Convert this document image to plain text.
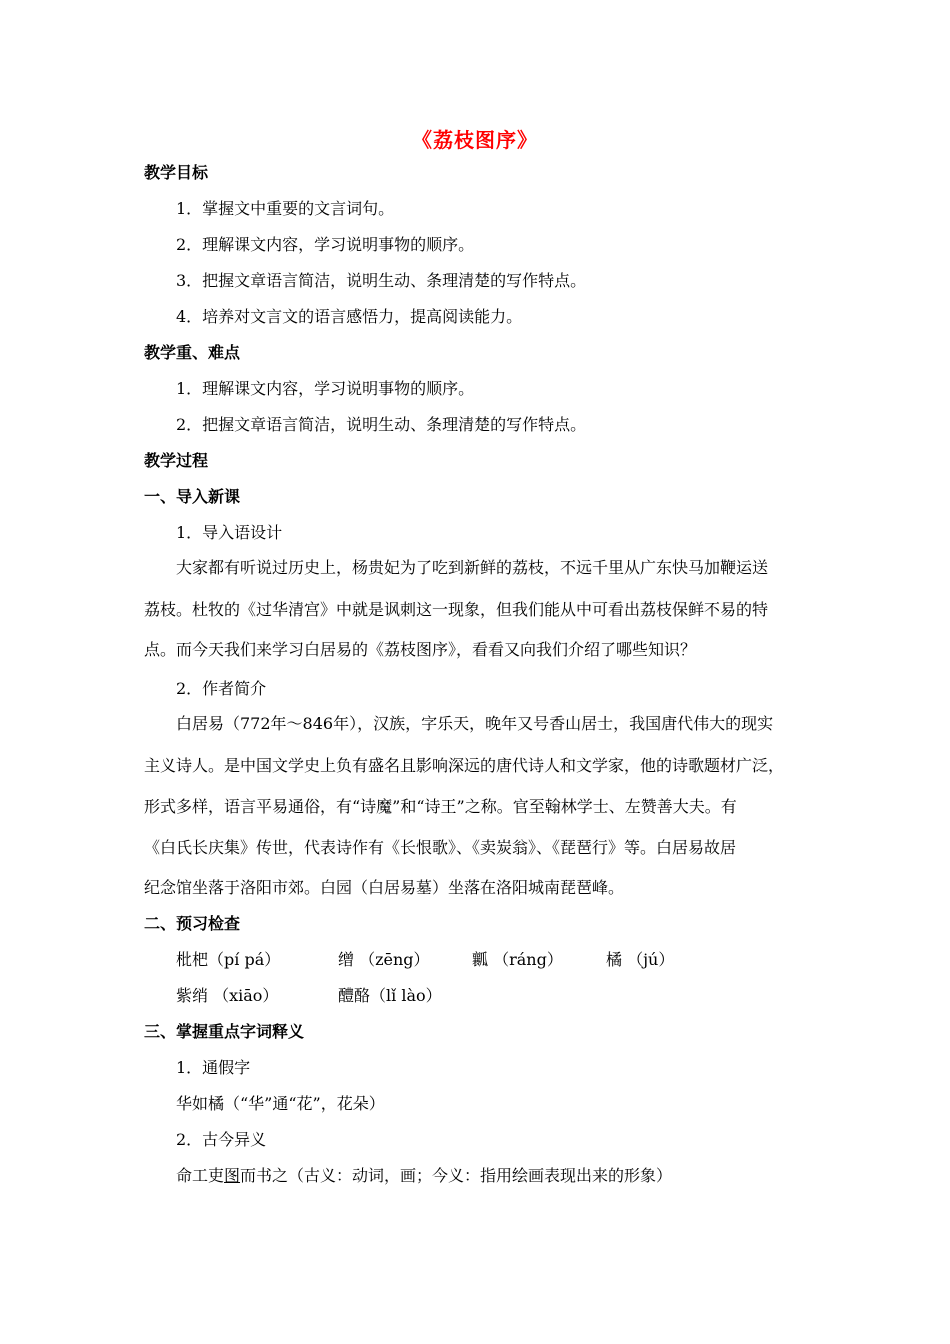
《荔枝图序》
教学目标
1．掌握文中重要的文言词句。
2．理解课文内容，学习说明事物的顺序。
3．把握文章语言简洁，说明生动、条理清楚的写作特点。
4．培养对文言文的语言感悟力，提高阅读能力。
教学重、难点
1．理解课文内容，学习说明事物的顺序。
2．把握文章语言简洁，说明生动、条理清楚的写作特点。
教学过程
一、导入新课
1．导入语设计
大家都有听说过历史上，杨贵妃为了吃到新鲜的荔枝，不远千里从广东快马加鞭运送
荔枝。杜牧的《过华清宫》中就是讽刺这一现象，但我们能从中可看出荔枝保鲜不易的特
点。而今天我们来学习白居易的《荔枝图序》，看看又向我们介绍了哪些知识？
2．作者简介
白居易（772年～846年），汉族，字乐天，晚年又号香山居士，我国唐代伟大的现实
主义诗人。是中国文学史上负有盛名且影响深远的唐代诗人和文学家，他的诗歌题材广泛，
形式多样，语言平易通俗，有“诗魔”和“诗王”之称。官至翰林学士、左赞善大夫。有
《白氏长庆集》传世，代表诗作有《长恨歌》、《卖炭翁》、《琵琶行》等。白居易故居
纪念馆坐落于洛阳市郊。白园（白居易墓）坐落在洛阳城南琵琶峰。
二、预习检查
枇杷（pí pá）	缯 （zēng）	瓤 （ráng）	橘 （jú）
紫绡 （xiāo）	醴酪（lǐ lào）
三、掌握重点字词释义
1．通假字
华如橘（“华”通“花”，花朵）
2．古今异义
命工吏图而书之（古义：动词，画；今义：指用绘画表现出来的形象）
